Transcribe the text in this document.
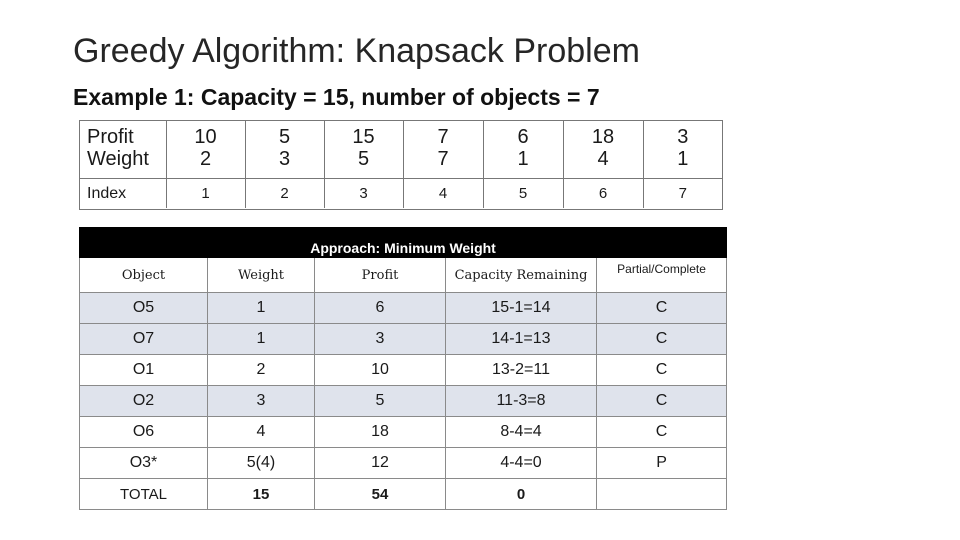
Greedy Algorithm: Knapsack Problem
Example 1: Capacity = 15, number of objects = 7
Profit	10	5	15	7	6	18	3
Weight	2	3	5	7	1	4	1
Index	1	2	3	4	5	6	7
Approach: Minimum Weight				
Object	Weight	Profit	Capacity Remaining	Partial/Complete
O5	1	6	15-1=14	C
O7	1	3	14-1=13	C
O1	2	10	13-2=11	C
O2	3	5	11-3=8	C
O6	4	18	8-4=4	C
O3*	5(4)	12	4-4=0	P
TOTAL	15	54	0	
